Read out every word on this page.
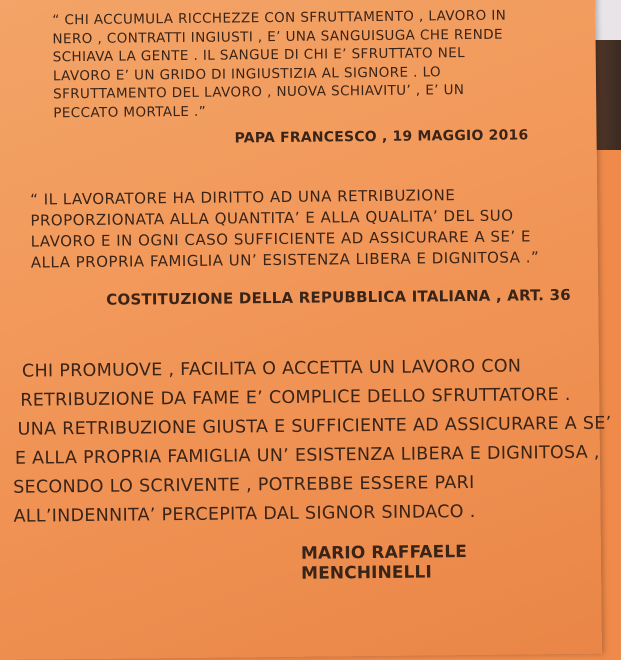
“ CHI ACCUMULA RICCHEZZE CON SFRUTTAMENTO , LAVORO IN
NERO , CONTRATTI INGIUSTI , E’ UNA SANGUISUGA CHE RENDE
SCHIAVA LA GENTE . IL SANGUE DI CHI E’ SFRUTTATO NEL
LAVORO E’ UN GRIDO DI INGIUSTIZIA AL SIGNORE . LO
SFRUTTAMENTO DEL LAVORO , NUOVA SCHIAVITU’ , E’ UN
PECCATO MORTALE .”
PAPA FRANCESCO , 19 MAGGIO 2016
“ IL LAVORATORE HA DIRITTO AD UNA RETRIBUZIONE
PROPORZIONATA ALLA QUANTITA’ E ALLA QUALITA’ DEL SUO
LAVORO E IN OGNI CASO SUFFICIENTE AD ASSICURARE A SE’ E
ALLA PROPRIA FAMIGLIA UN’ ESISTENZA LIBERA E DIGNITOSA .”
COSTITUZIONE DELLA REPUBBLICA ITALIANA , ART. 36
CHI PROMUOVE , FACILITA O ACCETTA UN LAVORO CON
RETRIBUZIONE DA FAME E’ COMPLICE DELLO SFRUTTATORE .
UNA RETRIBUZIONE GIUSTA E SUFFICIENTE AD ASSICURARE A SE’
E ALLA PROPRIA FAMIGLIA UN’ ESISTENZA LIBERA E DIGNITOSA ,
SECONDO LO SCRIVENTE , POTREBBE ESSERE PARI
ALL’INDENNITA’ PERCEPITA DAL SIGNOR SINDACO .
MARIO RAFFAELE MENCHINELLI
